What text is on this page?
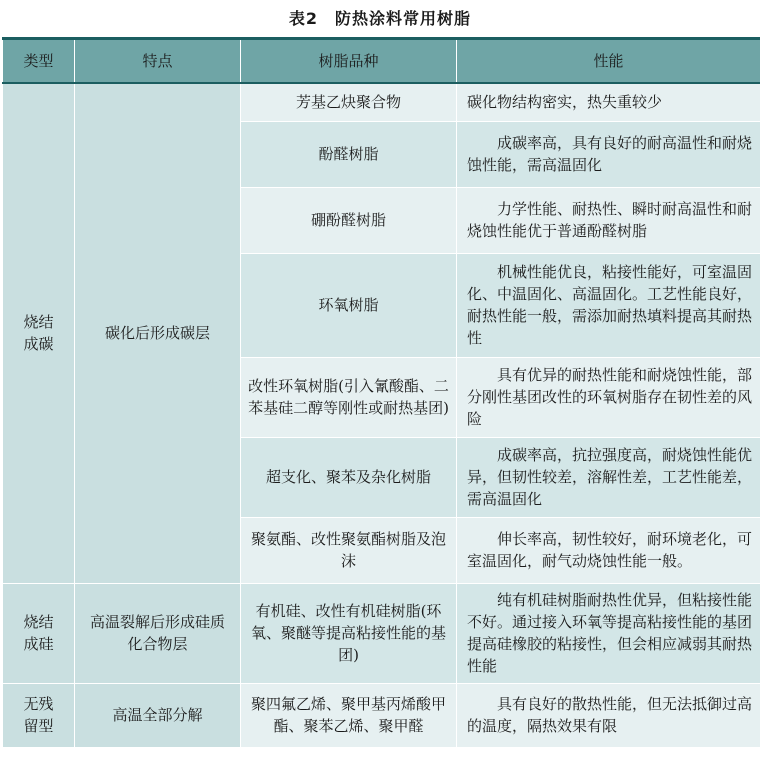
表2　防热涂料常用树脂
类型	特点	树脂品种	性能

烧结
成碳	碳化后形成碳层	芳基乙炔聚合物	碳化物结构密实，热失重较少
		酚醛树脂	成碳率高，具有良好的耐高温性和耐烧蚀性能，需高温固化
		硼酚醛树脂	力学性能、耐热性、瞬时耐高温性和耐烧蚀性能优于普通酚醛树脂
		环氧树脂	机械性能优良，粘接性能好，可室温固化、中温固化、高温固化。工艺性能良好，耐热性能一般，需添加耐热填料提高其耐热性
		改性环氧树脂(引入氰酸酯、二苯基硅二醇等刚性或耐热基团)	具有优异的耐热性能和耐烧蚀性能，部分刚性基团改性的环氧树脂存在韧性差的风险
		超支化、聚苯及杂化树脂	成碳率高，抗拉强度高，耐烧蚀性能优异，但韧性较差，溶解性差，工艺性能差，需高温固化
		聚氨酯、改性聚氨酯树脂及泡沫	伸长率高，韧性较好，耐环境老化，可室温固化，耐气动烧蚀性能一般。

烧结
成硅	高温裂解后形成硅质化合物层	有机硅、改性有机硅树脂(环氧、聚醚等提高粘接性能的基团)	纯有机硅树脂耐热性优异，但粘接性能不好。通过接入环氧等提高粘接性能的基团提高硅橡胶的粘接性，但会相应减弱其耐热性能

无残
留型	高温全部分解	聚四氟乙烯、聚甲基丙烯酸甲酯、聚苯乙烯、聚甲醛	具有良好的散热性能，但无法抵御过高的温度，隔热效果有限
